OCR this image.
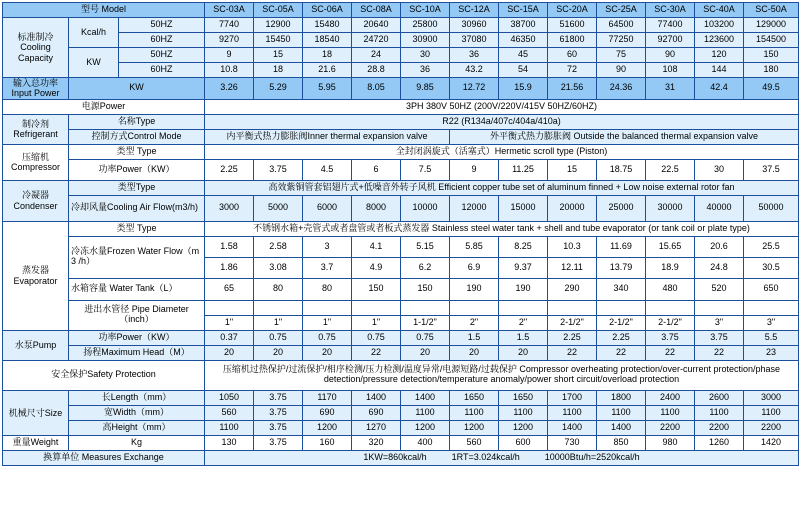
型号 Model			SC-03A	SC-05A	SC-06A	SC-08A	SC-10A	SC-12A	SC-15A	SC-20A	SC-25A	SC-30A	SC-40A	SC-50A
标准制冷 Cooling Capacity	Kcal/h	50HZ	7740	12900	15480	20640	25800	30960	38700	51600	64500	77400	103200	129000
		60HZ	9270	15450	18540	24720	30900	37080	46350	61800	77250	92700	123600	154500
	KW	50HZ	9	15	18	24	30	36	45	60	75	90	120	150
		60HZ	10.8	18	21.6	28.8	36	43.2	54	72	90	108	144	180
输入总功率 Input Power	KW		3.26	5.29	5.95	8.05	9.85	12.72	15.9	21.56	24.36	31	42.4	49.5
电源Power			3PH 380V 50HZ (200V/220V/415V 50HZ/60HZ)											
制冷剂 Refrigerant	名称Type		R22 (R134a/407c/404a/410a)											
	控制方式Control Mode		内平衡式热力膨胀阀Inner thermal expansion valve					外平衡式热力膨胀阀 Outside the balanced thermal expansion valve						
压缩机 Compressor	类型 Type		全封闭涡旋式（活塞式）Hermetic scroll type (Piston)											
	功率Power（KW）		2.25	3.75	4.5	6	7.5	9	11.25	15	18.75	22.5	30	37.5
冷凝器 Condenser	类型Type		高效紫铜管套铝翅片式+低噪音外转子风机 Efficient copper tube set of aluminum finned + Low noise external rotor fan											
	冷却风量Cooling Air Flow(m3/h)		3000	5000	6000	8000	10000	12000	15000	20000	25000	30000	40000	50000
蒸发器 Evaporator	类型 Type		不锈钢水箱+壳管式或者盘管或者板式蒸发器 Stainless steel water tank + shell and tube evaporator (or tank coil or plate type)											
	冷冻水量Frozen Water Flow（m 3 /h）		1.58	2.58	3	4.1	5.15	5.85	8.25	10.3	11.69	15.65	20.6	25.5
			1.86	3.08	3.7	4.9	6.2	6.9	9.37	12.11	13.79	18.9	24.8	30.5
	水箱容量 Water Tank（L）		65	80	80	150	150	190	190	290	340	480	520	650
	进出水管径 Pipe Diameter（inch）													
			1"	1"	1"	1"	1-1/2"	2"	2"	2-1/2"	2-1/2"	2-1/2"	3"	3"
水泵Pump	功率Power（KW）		0.37	0.75	0.75	0.75	0.75	1.5	1.5	2.25	2.25	3.75	3.75	5.5
	扬程Maximum Head（M）		20	20	20	22	20	20	20	22	22	22	22	23
安全保护Safety Protection			压缩机过热保护/过流保护/相序检测/压力检测/温度异常/电源短路/过载保护 Compressor overheating protection/over-current protection/phase detection/pressure detection/temperature anomaly/power short circuit/overload protection											
机械尺寸Size	长Length（mm）		1050	3.75	1170	1400	1400	1650	1650	1700	1800	2400	2600	3000
	宽Width（mm）		560	3.75	690	690	1100	1100	1100	1100	1100	1100	1100	1100
	高Height（mm）		1100	3.75	1200	1270	1200	1200	1200	1400	1400	2200	2200	2200
重量Weight	Kg		130	3.75	160	320	400	560	600	730	850	980	1260	1420
换算单位 Measures Exchange			1KW=860kcal/h          1RT=3.024kcal/h          10000Btu/h=2520kcal/h											
